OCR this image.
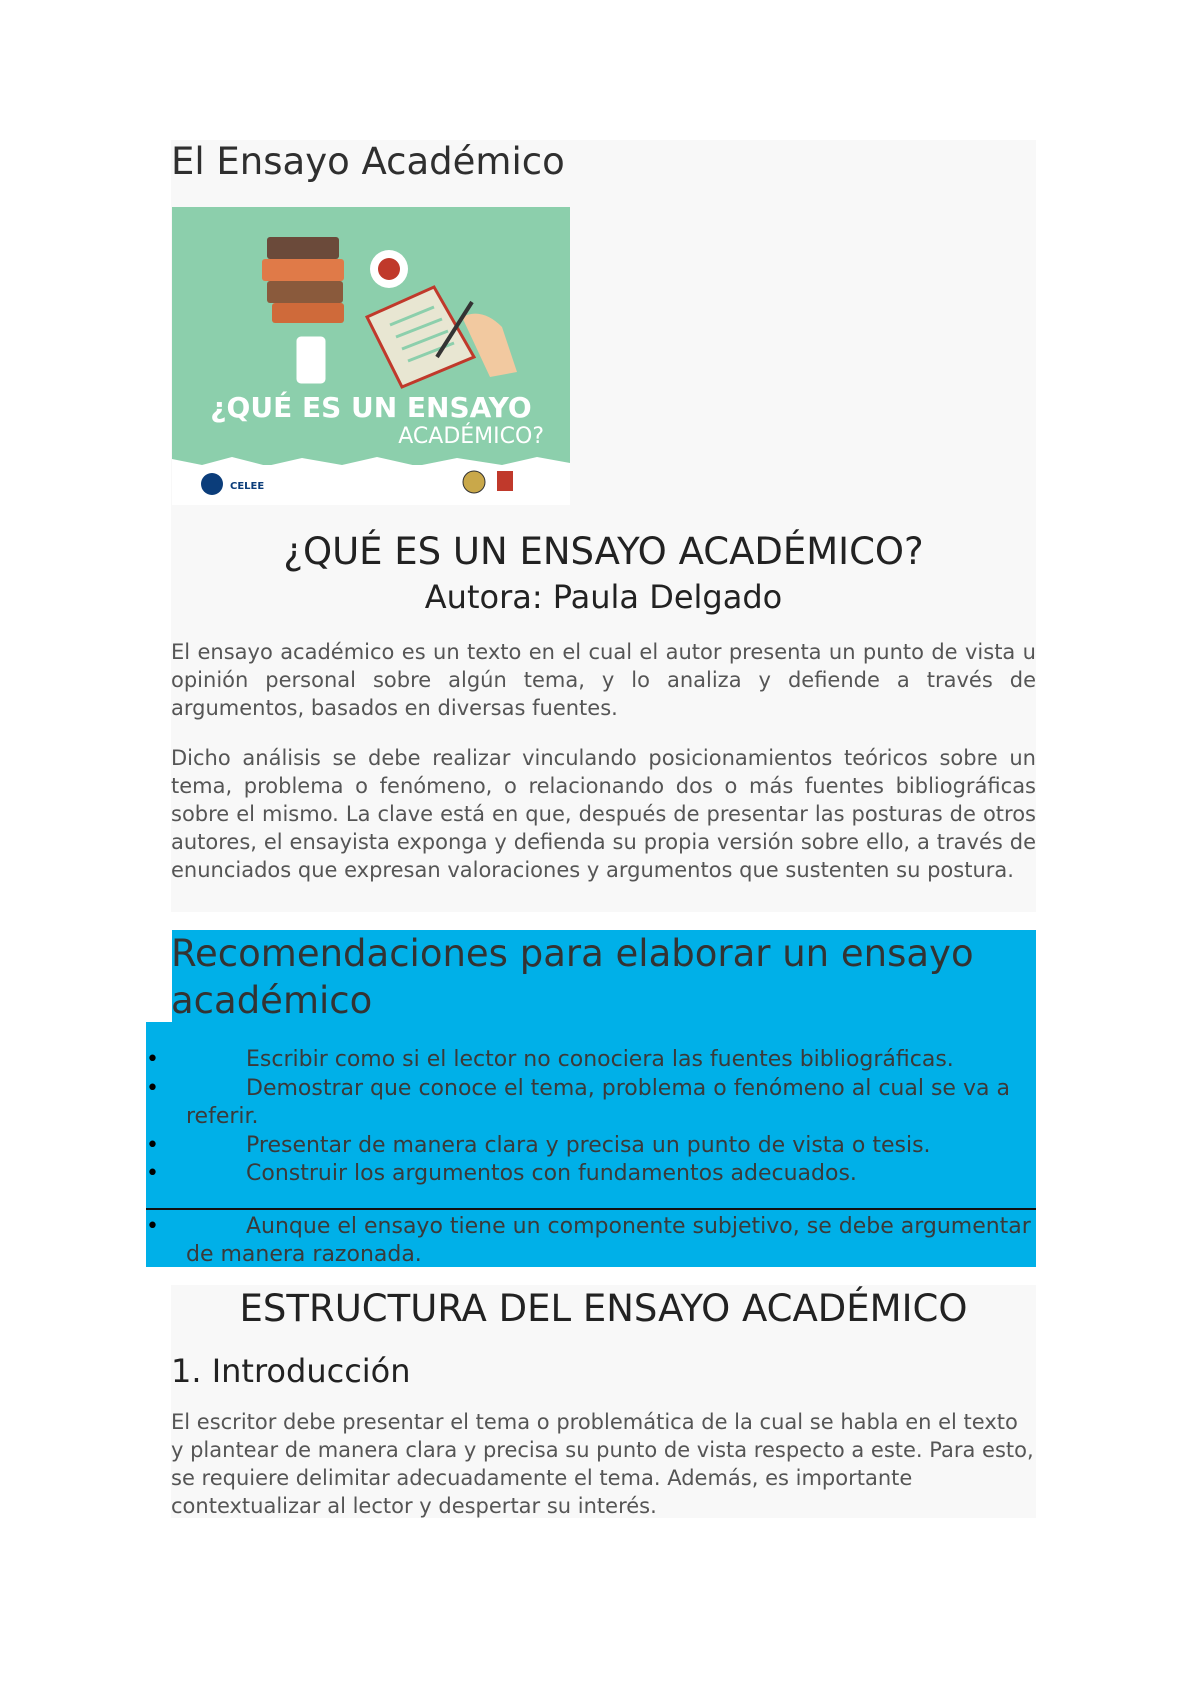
El Ensayo Académico
¿QUÉ ES UN ENSAYO
ACADÉMICO?
CELEE
¿QUÉ ES UN ENSAYO ACADÉMICO?
Autora: Paula Delgado

El ensayo académico es un texto en el cual el autor presenta un punto de vista u opinión personal sobre algún tema, y lo analiza y defiende a través de argumentos, basados en diversas fuentes.

Dicho análisis se debe realizar vinculando posicionamientos teóricos sobre un tema, problema o fenómeno, o relacionando dos o más fuentes bibliográficas sobre el mismo. La clave está en que, después de presentar las posturas de otros autores, el ensayista exponga y defienda su propia versión sobre ello, a través de enunciados que expresan valoraciones y argumentos que sustenten su postura.

Recomendaciones para elaborar un ensayo académico
•	Escribir como si el lector no conociera las fuentes bibliográficas.
•	Demostrar que conoce el tema, problema o fenómeno al cual se va a referir.
•	Presentar de manera clara y precisa un punto de vista o tesis.
•	Construir los argumentos con fundamentos adecuados.
•	Aunque el ensayo tiene un componente subjetivo, se debe argumentar de manera razonada.
ESTRUCTURA DEL ENSAYO ACADÉMICO
1. Introducción

El escritor debe presentar el tema o problemática de la cual se habla en el texto y plantear de manera clara y precisa su punto de vista respecto a este. Para esto, se requiere delimitar adecuadamente el tema. Además, es importante contextualizar al lector y despertar su interés.
